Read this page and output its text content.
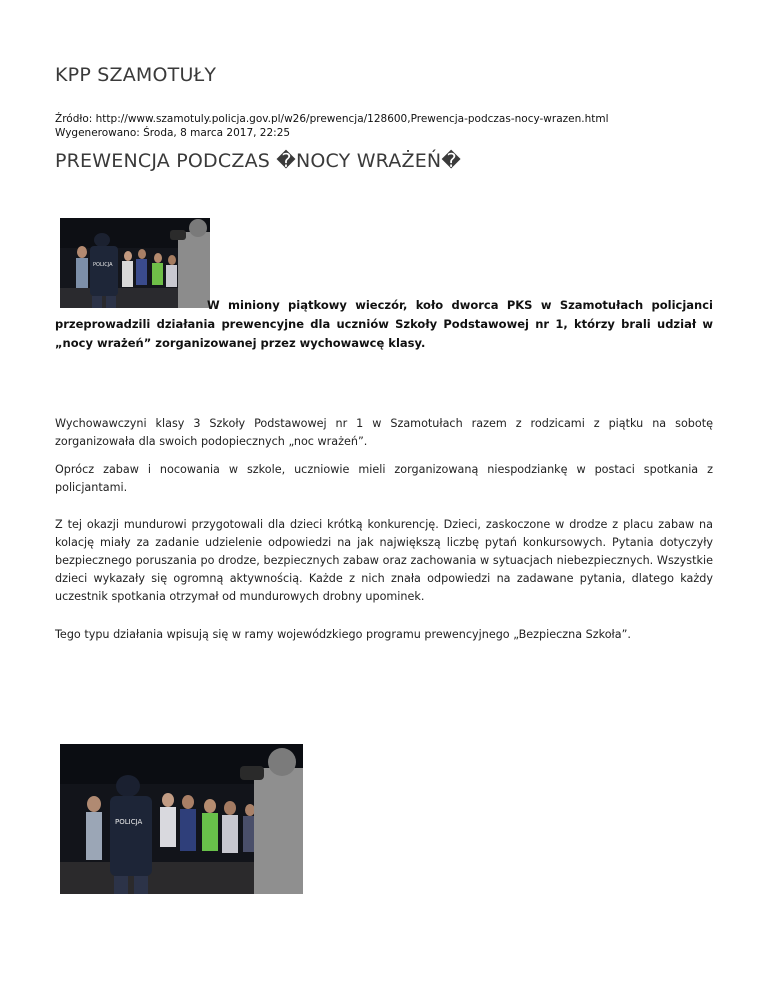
KPP SZAMOTUŁY
Źródło: http://www.szamotuly.policja.gov.pl/w26/prewencja/128600,Prewencja-podczas-nocy-wrazen.html
Wygenerowano: Środa, 8 marca 2017, 22:25
PREWENCJA PODCZAS �NOCY WRAŻEŃ�
POLICJA

W miniony piątkowy wieczór, koło dworca PKS w Szamotułach policjanci przeprowadzili działania prewencyjne dla uczniów Szkoły Podstawowej nr 1, którzy brali udział w „nocy wrażeń” zorganizowanej przez wychowawcę klasy.

Wychowawczyni klasy 3 Szkoły Podstawowej nr 1 w Szamotułach razem z rodzicami z piątku na sobotę zorganizowała dla swoich podopiecznych „noc wrażeń”.

Oprócz zabaw i nocowania w szkole, uczniowie mieli zorganizowaną niespodziankę w postaci spotkania z policjantami.

Z tej okazji mundurowi przygotowali dla dzieci krótką konkurencję. Dzieci, zaskoczone w drodze z placu zabaw na kolację miały za zadanie udzielenie odpowiedzi na jak największą liczbę pytań konkursowych. Pytania dotyczyły bezpiecznego poruszania po drodze, bezpiecznych zabaw oraz zachowania w sytuacjach niebezpiecznych. Wszystkie dzieci wykazały się ogromną aktywnością. Każde z nich znała odpowiedzi na zadawane pytania, dlatego każdy uczestnik spotkania otrzymał od mundurowych drobny upominek.

Tego typu działania wpisują się w ramy wojewódzkiego programu prewencyjnego „Bezpieczna Szkoła”.

POLICJA
